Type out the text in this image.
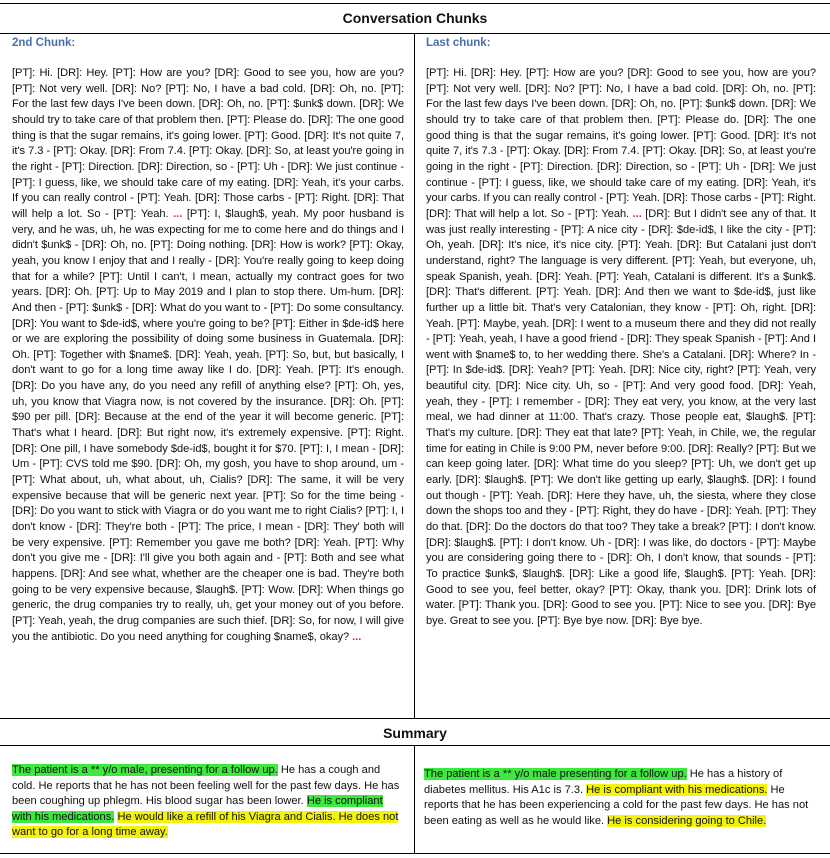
Conversation Chunks
2nd Chunk:
[PT]: Hi. [DR]: Hey. [PT]: How are you? [DR]: Good to see you, how are you? [PT]: Not very well. [DR]: No? [PT]: No, I have a bad cold. [DR]: Oh, no. [PT]: For the last few days I've been down. [DR]: Oh, no. [PT]: $unk$ down. [DR]: We should try to take care of that problem then. [PT]: Please do. [DR]: The one good thing is that the sugar remains, it's going lower. [PT]: Good. [DR]: It's not quite 7, it's 7.3 - [PT]: Okay. [DR]: From 7.4. [PT]: Okay. [DR]: So, at least you're going in the right - [PT]: Direction. [DR]: Direction, so - [PT]: Uh - [DR]: We just continue - [PT]: I guess, like, we should take care of my eating. [DR]: Yeah, it's your carbs. If you can really control - [PT]: Yeah. [DR]: Those carbs - [PT]: Right. [DR]: That will help a lot. So - [PT]: Yeah. ... [PT]: I, $laugh$, yeah. My poor husband is very, and he was, uh, he was expecting for me to come here and do things and I didn't $unk$ - [DR]: Oh, no. [PT]: Doing nothing. [DR]: How is work? [PT]: Okay, yeah, you know I enjoy that and I really - [DR]: You're really going to keep doing that for a while? [PT]: Until I can't, I mean, actually my contract goes for two years. [DR]: Oh. [PT]: Up to May 2019 and I plan to stop there. Um-hum. [DR]: And then - [PT]: $unk$ - [DR]: What do you want to - [PT]: Do some consultancy. [DR]: You want to $de-id$, where you're going to be? [PT]: Either in $de-id$ here or we are exploring the possibility of doing some business in Guatemala. [DR]: Oh. [PT]: Together with $name$. [DR]: Yeah, yeah. [PT]: So, but, but basically, I don't want to go for a long time away like I do. [DR]: Yeah. [PT]: It's enough. [DR]: Do you have any, do you need any refill of anything else? [PT]: Oh, yes, uh, you know that Viagra now, is not covered by the insurance. [DR]: Oh. [PT]: $90 per pill. [DR]: Because at the end of the year it will become generic. [PT]: That's what I heard. [DR]: But right now, it's extremely expensive. [PT]: Right. [DR]: One pill, I have somebody $de-id$, bought it for $70. [PT]: I, I mean - [DR]: Um - [PT]: CVS told me $90. [DR]: Oh, my gosh, you have to shop around, um - [PT]: What about, uh, what about, uh, Cialis? [DR]: The same, it will be very expensive because that will be generic next year. [PT]: So for the time being - [DR]: Do you want to stick with Viagra or do you want me to right Cialis? [PT]: I, I don't know - [DR]: They're both - [PT]: The price, I mean - [DR]: They' both will be very expensive. [PT]: Remember you gave me both? [DR]: Yeah. [PT]: Why don't you give me - [DR]: I'll give you both again and - [PT]: Both and see what happens. [DR]: And see what, whether are the cheaper one is bad. They're both going to be very expensive because, $laugh$. [PT]: Wow. [DR]: When things go generic, the drug companies try to really, uh, get your money out of you before. [PT]: Yeah, yeah, the drug companies are such thief. [DR]: So, for now, I will give you the antibiotic. Do you need anything for coughing $name$, okay? ...
Last chunk:
[PT]: Hi. [DR]: Hey. [PT]: How are you? [DR]: Good to see you, how are you? [PT]: Not very well. [DR]: No? [PT]: No, I have a bad cold. [DR]: Oh, no. [PT]: For the last few days I've been down. [DR]: Oh, no. [PT]: $unk$ down. [DR]: We should try to take care of that problem then. [PT]: Please do. [DR]: The one good thing is that the sugar remains, it's going lower. [PT]: Good. [DR]: It's not quite 7, it's 7.3 - [PT]: Okay. [DR]: From 7.4. [PT]: Okay. [DR]: So, at least you're going in the right - [PT]: Direction. [DR]: Direction, so - [PT]: Uh - [DR]: We just continue - [PT]: I guess, like, we should take care of my eating. [DR]: Yeah, it's your carbs. If you can really control - [PT]: Yeah. [DR]: Those carbs - [PT]: Right. [DR]: That will help a lot. So - [PT]: Yeah. ... [DR]: But I didn't see any of that. It was just really interesting - [PT]: A nice city - [DR]: $de-id$, I like the city - [PT]: Oh, yeah. [DR]: It's nice, it's nice city. [PT]: Yeah. [DR]: But Catalani just don't understand, right? The language is very different. [PT]: Yeah, but everyone, uh, speak Spanish, yeah. [DR]: Yeah. [PT]: Yeah, Catalani is different. It's a $unk$. [DR]: That's different. [PT]: Yeah. [DR]: And then we want to $de-id$, just like further up a little bit. That's very Catalonian, they know - [PT]: Oh, right. [DR]: Yeah. [PT]: Maybe, yeah. [DR]: I went to a museum there and they did not really - [PT]: Yeah, yeah, I have a good friend - [DR]: They speak Spanish - [PT]: And I went with $name$ to, to her wedding there. She's a Catalani. [DR]: Where? In - [PT]: In $de-id$. [DR]: Yeah? [PT]: Yeah. [DR]: Nice city, right? [PT]: Yeah, very beautiful city. [DR]: Nice city. Uh, so - [PT]: And very good food. [DR]: Yeah, yeah, they - [PT]: I remember - [DR]: They eat very, you know, at the very last meal, we had dinner at 11:00. That's crazy. Those people eat, $laugh$. [PT]: That's my culture. [DR]: They eat that late? [PT]: Yeah, in Chile, we, the regular time for eating in Chile is 9:00 PM, never before 9:00. [DR]: Really? [PT]: But we can keep going later. [DR]: What time do you sleep? [PT]: Uh, we don't get up early. [DR]: $laugh$. [PT]: We don't like getting up early, $laugh$. [DR]: I found out though - [PT]: Yeah. [DR]: Here they have, uh, the siesta, where they close down the shops too and they - [PT]: Right, they do have - [DR]: Yeah. [PT]: They do that. [DR]: Do the doctors do that too? They take a break? [PT]: I don't know. [DR]: $laugh$. [PT]: I don't know. Uh - [DR]: I was like, do doctors - [PT]: Maybe you are considering going there to - [DR]: Oh, I don't know, that sounds - [PT]: To practice $unk$, $laugh$. [DR]: Like a good life, $laugh$. [PT]: Yeah. [DR]: Good to see you, feel better, okay? [PT]: Okay, thank you. [DR]: Drink lots of water. [PT]: Thank you. [DR]: Good to see you. [PT]: Nice to see you. [DR]: Bye bye. Great to see you. [PT]: Bye bye now. [DR]: Bye bye.
Summary
The patient is a ** y/o male, presenting for a follow up. He has a cough and cold. He reports that he has not been feeling well for the past few days. He has been coughing up phlegm. His blood sugar has been lower. He is compliant with his medications. He would like a refill of his Viagra and Cialis. He does not want to go for a long time away.
The patient is a ** y/o male presenting for a follow up. He has a history of diabetes mellitus. His A1c is 7.3. He is compliant with his medications. He reports that he has been experiencing a cold for the past few days. He has not been eating as well as he would like. He is considering going to Chile.
